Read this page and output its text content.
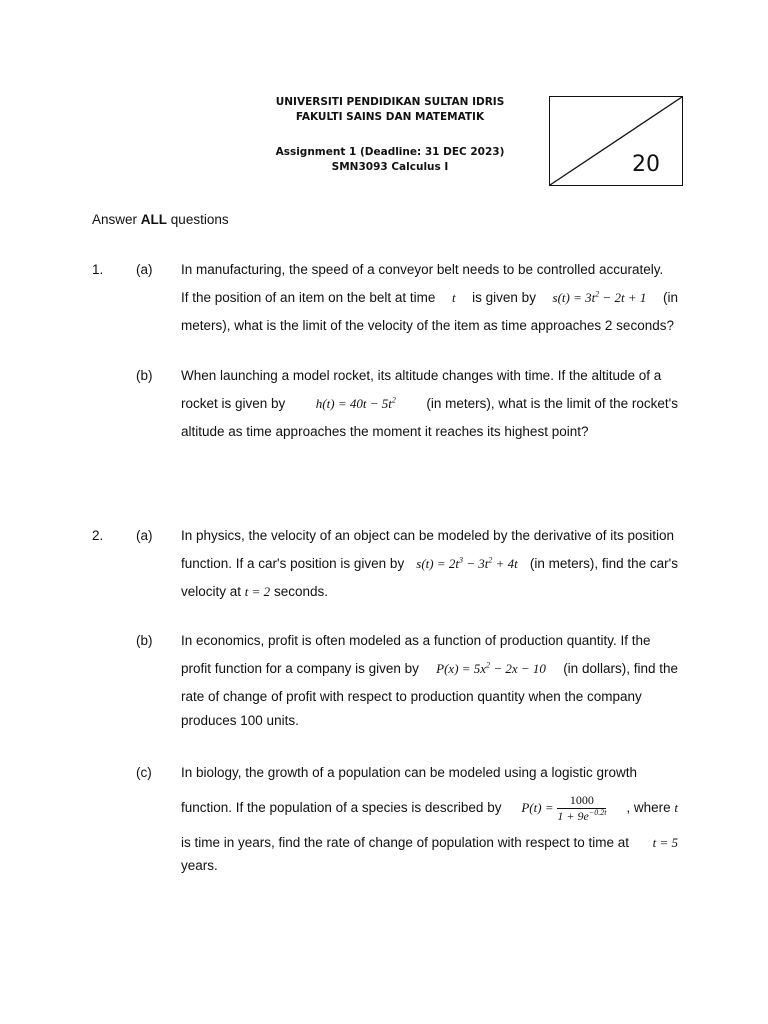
UNIVERSITI PENDIDIKAN SULTAN IDRIS
FAKULTI SAINS DAN MATEMATIK
Assignment 1 (Deadline: 31 DEC 2023)
SMN3093 Calculus I	20
Answer ALL questions
1. (a) In manufacturing, the speed of a conveyor belt needs to be controlled accurately.
If the position of an item on the belt at time t is given by $s(t) = 3t^2 - 2t + 1$ (in
meters), what is the limit of the velocity of the item as time approaches 2 seconds?
(b) When launching a model rocket, its altitude changes with time. If the altitude of a
rocket is given by $h(t) = 40t - 5t^2$ (in meters), what is the limit of the rocket's
altitude as time approaches the moment it reaches its highest point?
2. (a) In physics, the velocity of an object can be modeled by the derivative of its position
function. If a car's position is given by $s(t) = 2t^3 - 3t^2 + 4t$ (in meters), find the car's
velocity at
t = 2
seconds.
(b) In economics, profit is often modeled as a function of production quantity. If the
profit function for a company is given by $P(x) = 5x^2 - 2x - 10$ (in dollars), find the
rate of change of profit with respect to production quantity when the company
produces 100 units.
(c) In biology, the growth of a population can be modeled using a logistic growth
function. If the population of a species is described by $P(t) = \frac{1000}{1 + 9e^{-0.2t}}$ , where t
is time in years, find the rate of change of population with respect to time at t = 5
years.
